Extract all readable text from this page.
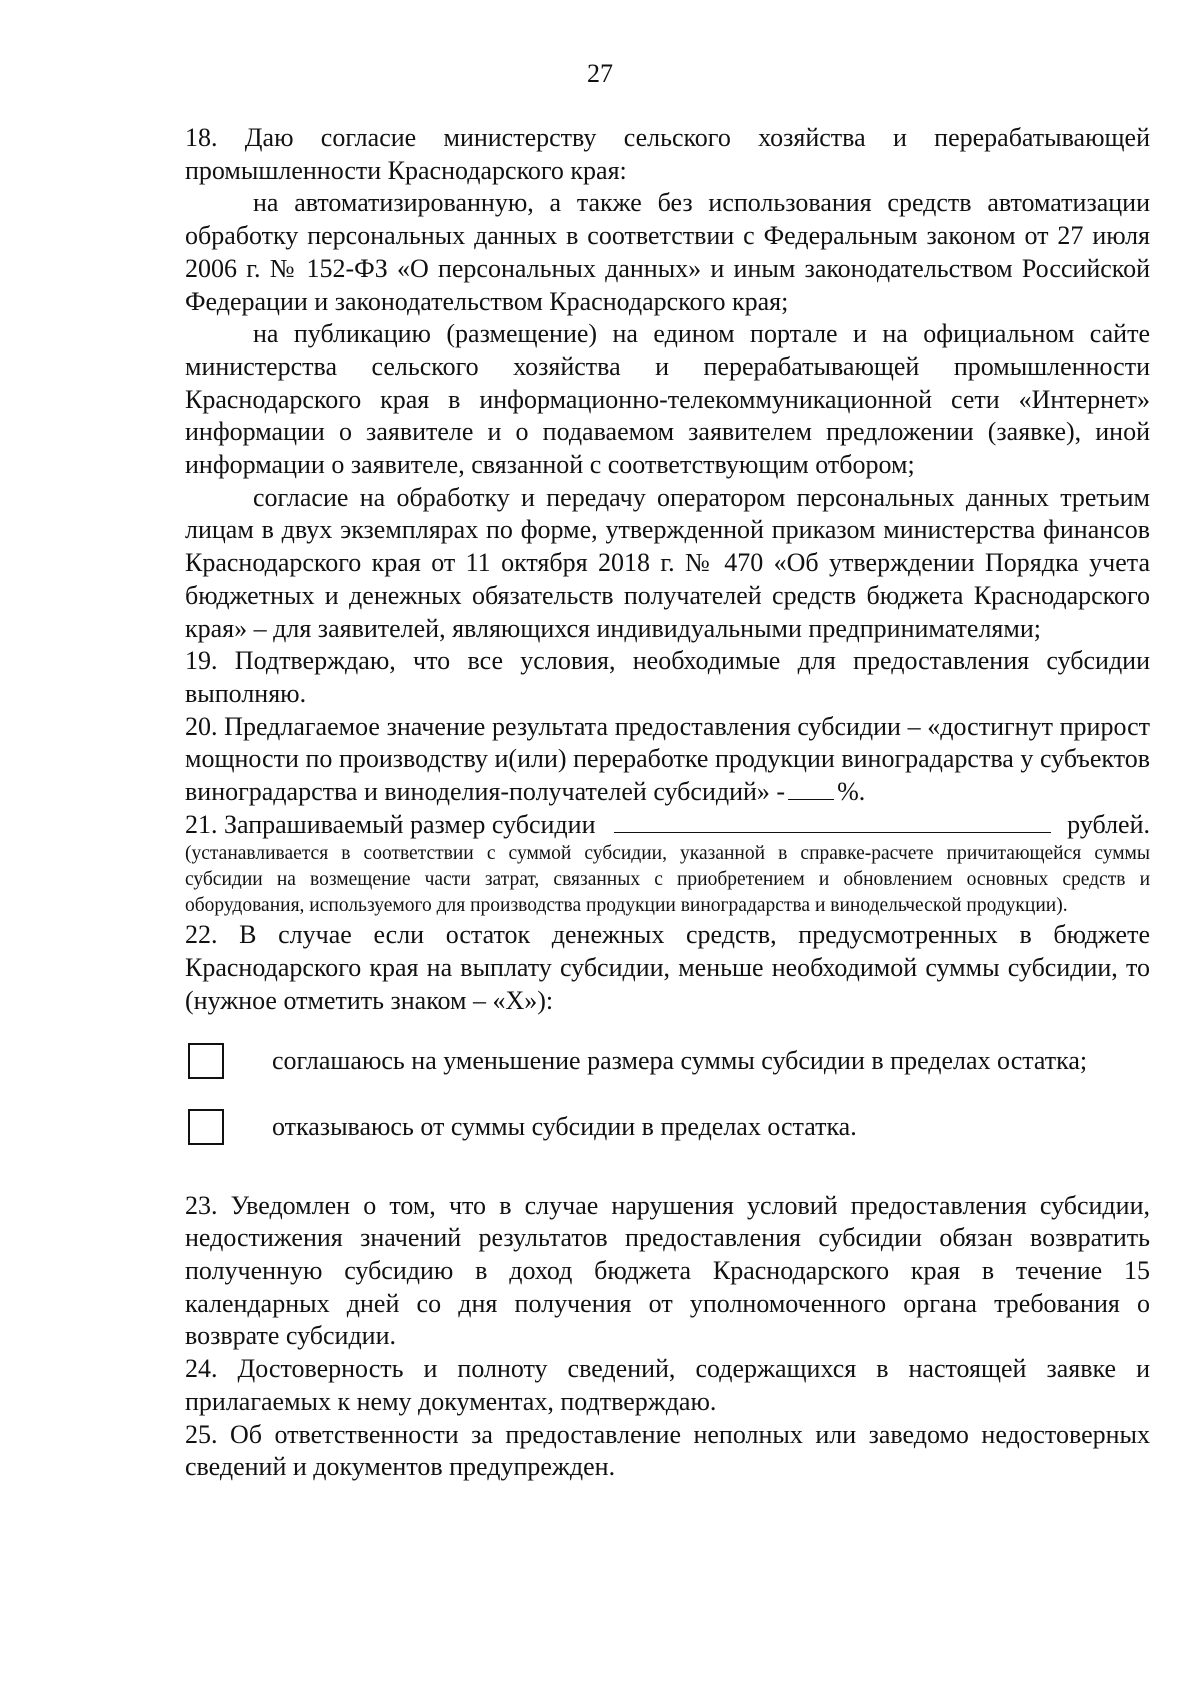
27

18. Даю согласие министерству сельского хозяйства и перерабатывающей промышленности Краснодарского края:

на автоматизированную, а также без использования средств автоматизации обработку персональных данных в соответствии с Федеральным законом от 27 июля 2006 г. № 152-ФЗ «О персональных данных» и иным законодательством Российской Федерации и законодательством Краснодарского края;

на публикацию (размещение) на едином портале и на официальном сайте министерства сельского хозяйства и перерабатывающей промышленности Краснодарского края в информационно-телекоммуникационной сети «Интернет» информации о заявителе и о подаваемом заявителем предложении (заявке), иной информации о заявителе, связанной с соответствующим отбором;

согласие на обработку и передачу оператором персональных данных третьим лицам в двух экземплярах по форме, утвержденной приказом министерства финансов Краснодарского края от 11 октября 2018 г. № 470 «Об утверждении Порядка учета бюджетных и денежных обязательств получателей средств бюджета Краснодарского края» – для заявителей, являющихся индивидуальными предпринимателями;

19. Подтверждаю, что все условия, необходимые для предоставления субсидии выполняю.

20. Предлагаемое значение результата предоставления субсидии – «достигнут прирост мощности по производству и(или) переработке продукции виноградарства у субъектов виноградарства и виноделия-получателей субсидий» - %.

21. Запрашиваемый размер субсидии	рублей.

(устанавливается в соответствии с суммой субсидии, указанной в справке-расчете причитающейся суммы субсидии на возмещение части затрат, связанных с приобретением и обновлением основных средств и оборудования, используемого для производства продукции виноградарства и винодельческой продукции).

22. В случае если остаток денежных средств, предусмотренных в бюджете Краснодарского края на выплату субсидии, меньше необходимой суммы субсидии, то (нужное отметить знаком – «Х»):

соглашаюсь на уменьшение размера суммы субсидии в пределах остатка;
отказываюсь от суммы субсидии в пределах остатка.

23. Уведомлен о том, что в случае нарушения условий предоставления субсидии, недостижения значений результатов предоставления субсидии обязан возвратить полученную субсидию в доход бюджета Краснодарского края в течение 15 календарных дней со дня получения от уполномоченного органа требования о возврате субсидии.

24. Достоверность и полноту сведений, содержащихся в настоящей заявке и прилагаемых к нему документах, подтверждаю.

25. Об ответственности за предоставление неполных или заведомо недостоверных сведений и документов предупрежден.
